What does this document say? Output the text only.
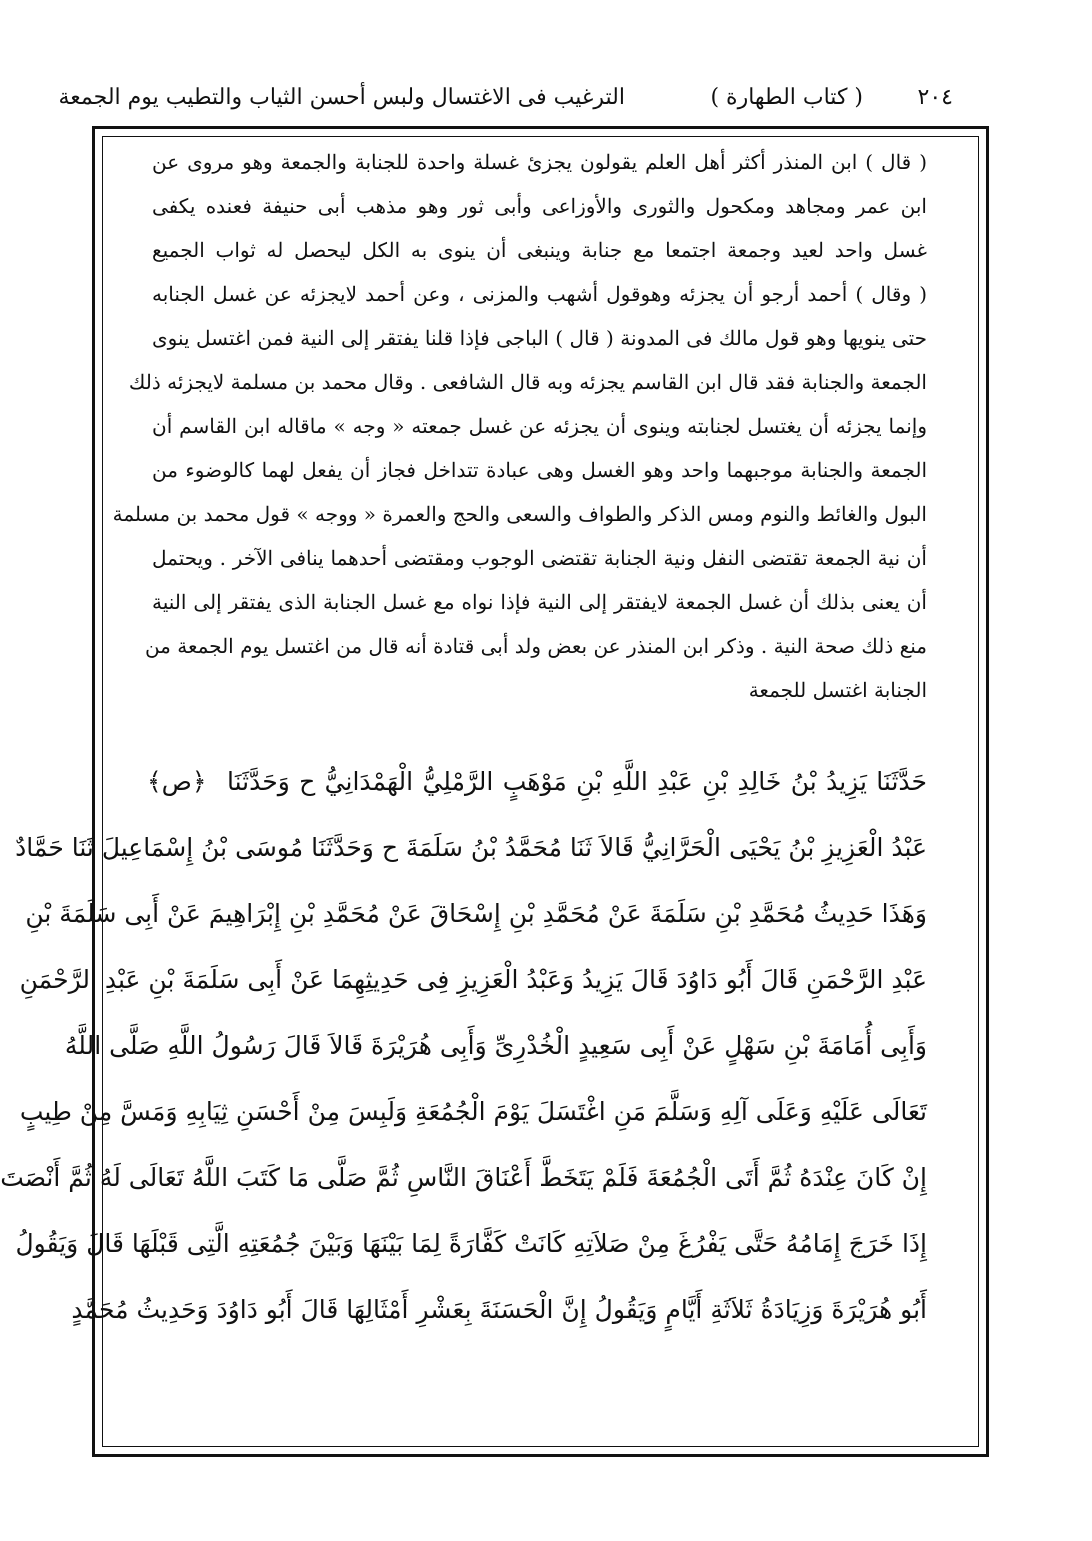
٢٠٤
( كتاب الطهارة )
الترغيب فى الاغتسال ولبس أحسن الثياب والتطيب يوم الجمعة
( قال ) ابن المنذر أكثر أهل العلم يقولون يجزئ غسلة واحدة للجنابة والجمعة وهو مروى عن
ابن عمر ومجاهد ومكحول والثورى والأوزاعى وأبى ثور وهو مذهب أبى حنيفة فعنده يكفى
غسل واحد لعيد وجمعة اجتمعا مع جنابة وينبغى أن ينوى به الكل ليحصل له ثواب الجميع
( وقال ) أحمد أرجو أن يجزئه وهوقول أشهب والمزنى ، وعن أحمد لايجزئه عن غسل الجنابه
حتى ينويها وهو قول مالك فى المدونة ( قال ) الباجى فإذا قلنا يفتقر إلى النية فمن اغتسل ينوى
الجمعة والجنابة فقد قال ابن القاسم يجزئه وبه قال الشافعى . وقال محمد بن مسلمة لايجزئه ذلك
وإنما يجزئه أن يغتسل لجنابته وينوى أن يجزئه عن غسل جمعته « وجه » ماقاله ابن القاسم أن
الجمعة والجنابة موجبهما واحد وهو الغسل وهى عبادة تتداخل فجاز أن يفعل لهما كالوضوء من
البول والغائط والنوم ومس الذكر والطواف والسعى والحج والعمرة « ووجه » قول محمد بن مسلمة
أن نية الجمعة تقتضى النفل ونية الجنابة تقتضى الوجوب ومقتضى أحدهما ينافى الآخر . ويحتمل
أن يعنى بذلك أن غسل الجمعة لايفتقر إلى النية فإذا نواه مع غسل الجنابة الذى يفتقر إلى النية
منع ذلك صحة النية . وذكر ابن المنذر عن بعض ولد أبى قتادة أنه قال من اغتسل يوم الجمعة من
الجنابة اغتسل للجمعة
حَدَّثَنَا يَزِيدُ بْنُ خَالِدِ بْنِ عَبْدِ اللَّهِ بْنِ مَوْهَبٍ الرَّمْلِيُّ الْهَمْدَانِيُّ ح وَحَدَّثَنَا
﴿ص﴾
عَبْدُ الْعَزِيزِ بْنُ يَحْيَى الْحَرَّانِيُّ قَالاَ ثَنَا مُحَمَّدُ بْنُ سَلَمَةَ ح وَحَدَّثَنَا مُوسَى بْنُ إِسْمَاعِيلَ ثَنَا حَمَّادٌ
وَهَذَا حَدِيثُ مُحَمَّدِ بْنِ سَلَمَةَ عَنْ مُحَمَّدِ بْنِ إِسْحَاقَ عَنْ مُحَمَّدِ بْنِ إِبْرَاهِيمَ عَنْ أَبِى سَلَمَةَ بْنِ
عَبْدِ الرَّحْمَنِ قَالَ أَبُو دَاوُدَ قَالَ يَزِيدُ وَعَبْدُ الْعَزِيزِ فِى حَدِيثِهِمَا عَنْ أَبِى سَلَمَةَ بْنِ عَبْدِ الرَّحْمَنِ
وَأَبِى أُمَامَةَ بْنِ سَهْلٍ عَنْ أَبِى سَعِيدٍ الْخُدْرِىِّ وَأَبِى هُرَيْرَةَ قَالاَ قَالَ رَسُولُ اللَّهِ صَلَّى اللَّهُ
تَعَالَى عَلَيْهِ وَعَلَى آلِهِ وَسَلَّمَ مَنِ اغْتَسَلَ يَوْمَ الْجُمُعَةِ وَلَبِسَ مِنْ أَحْسَنِ ثِيَابِهِ وَمَسَّ مِنْ طِيبٍ
إِنْ كَانَ عِنْدَهُ ثُمَّ أَتَى الْجُمُعَةَ فَلَمْ يَتَخَطَّ أَعْنَاقَ النَّاسِ ثُمَّ صَلَّى مَا كَتَبَ اللَّهُ تَعَالَى لَهُ ثُمَّ أَنْصَتَ
إِذَا خَرَجَ إِمَامُهُ حَتَّى يَفْرُغَ مِنْ صَلاَتِهِ كَانَتْ كَفَّارَةً لِمَا بَيْنَهَا وَبَيْنَ جُمُعَتِهِ الَّتِى قَبْلَهَا قَالَ وَيَقُولُ
أَبُو هُرَيْرَةَ وَزِيَادَةُ ثَلاَثَةِ أَيَّامٍ وَيَقُولُ إِنَّ الْحَسَنَةَ بِعَشْرِ أَمْثَالِهَا قَالَ أَبُو دَاوُدَ وَحَدِيثُ مُحَمَّدٍ
